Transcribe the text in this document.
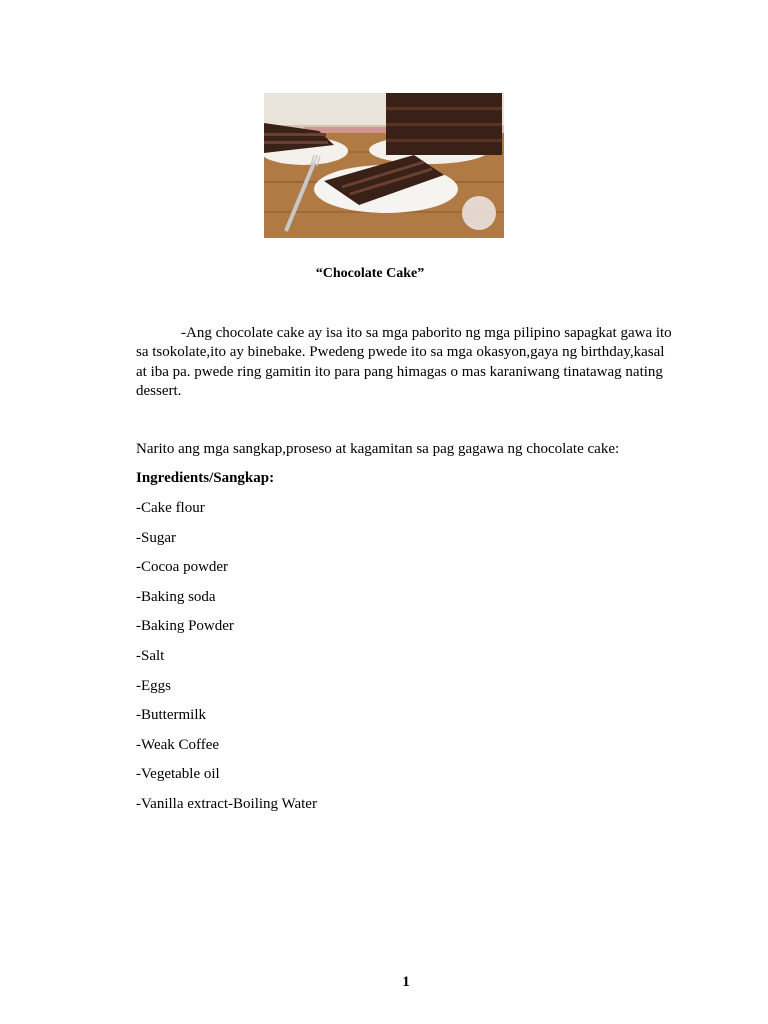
“Chocolate Cake”

-Ang chocolate cake ay isa ito sa mga paborito ng mga pilipino sapagkat gawa ito sa tsokolate,ito ay binebake. Pwedeng pwede ito sa mga okasyon,gaya ng birthday,kasal at iba pa. pwede ring gamitin ito para pang himagas o mas karaniwang tinatawag nating dessert.

Narito ang mga sangkap,proseso at kagamitan sa pag gagawa ng chocolate cake:
Ingredients/Sangkap:
-Cake flour
-Sugar
-Cocoa powder
-Baking soda
-Baking Powder
-Salt
-Eggs
-Buttermilk
-Weak Coffee
-Vegetable oil
-Vanilla extract-Boiling Water
1
